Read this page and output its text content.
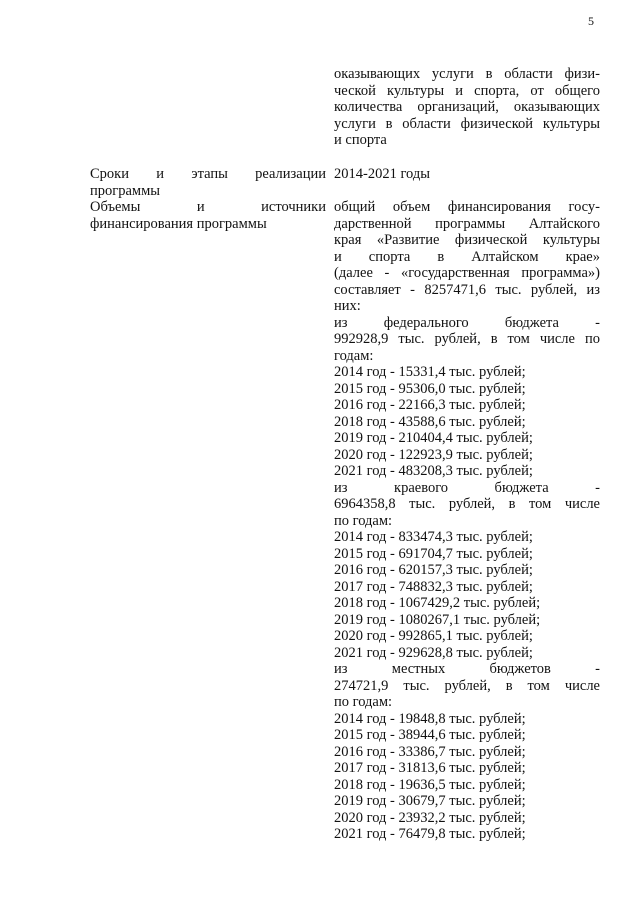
5
оказывающих услуги в области физи-
ческой культуры и спорта, от общего
количества организаций, оказывающих
услуги в области физической культуры
и спорта
Сроки и этапы реализации
программы
2014-2021 годы
Объемы	и	источники
финансирования программы
общий объем финансирования госу-
дарственной программы Алтайского
края «Развитие физической культуры
и спорта в Алтайском крае»
(далее - «государственная программа»)
составляет - 8257471,6 тыс. рублей, из
них:
из федерального бюджета -
992928,9 тыс. рублей, в том числе по
годам:
2014 год - 15331,4 тыс. рублей;
2015 год - 95306,0 тыс. рублей;
2016 год - 22166,3 тыс. рублей;
2018 год - 43588,6 тыс. рублей;
2019 год - 210404,4 тыс. рублей;
2020 год - 122923,9 тыс. рублей;
2021 год - 483208,3 тыс. рублей;
из краевого бюджета -
6964358,8 тыс. рублей, в том числе
по годам:
2014 год - 833474,3 тыс. рублей;
2015 год - 691704,7 тыс. рублей;
2016 год - 620157,3 тыс. рублей;
2017 год - 748832,3 тыс. рублей;
2018 год - 1067429,2 тыс. рублей;
2019 год - 1080267,1 тыс. рублей;
2020 год - 992865,1 тыс. рублей;
2021 год - 929628,8 тыс. рублей;
из местных бюджетов -
274721,9 тыс. рублей, в том числе
по годам:
2014 год - 19848,8 тыс. рублей;
2015 год - 38944,6 тыс. рублей;
2016 год - 33386,7 тыс. рублей;
2017 год - 31813,6 тыс. рублей;
2018 год - 19636,5 тыс. рублей;
2019 год - 30679,7 тыс. рублей;
2020 год - 23932,2 тыс. рублей;
2021 год - 76479,8 тыс. рублей;
